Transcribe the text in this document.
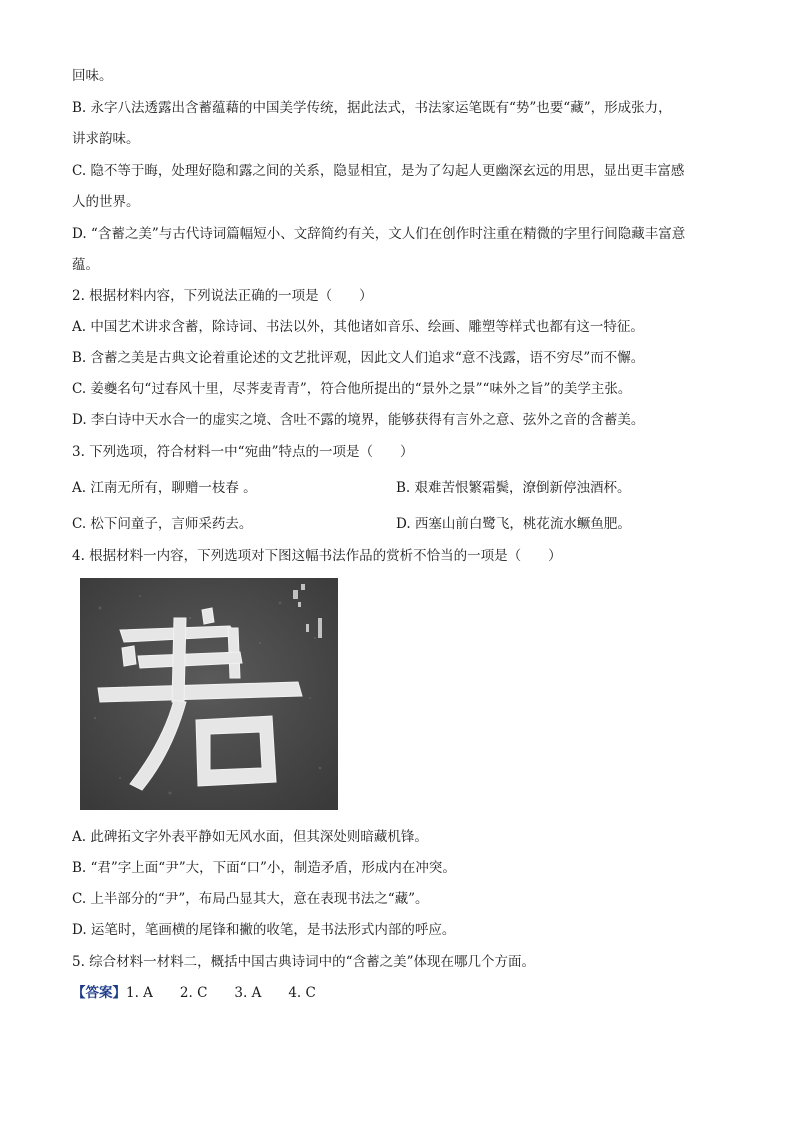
回味。
B. 永字八法透露出含蓄蕴藉的中国美学传统，据此法式，书法家运笔既有“势”也要“藏”，形成张力，
讲求韵味。
C. 隐不等于晦，处理好隐和露之间的关系，隐显相宜，是为了勾起人更幽深玄远的用思，显出更丰富感
人的世界。
D. “含蓄之美”与古代诗词篇幅短小、文辞简约有关，文人们在创作时注重在精微的字里行间隐藏丰富意
蕴。
2. 根据材料内容，下列说法正确的一项是（　　）
A. 中国艺术讲求含蓄，除诗词、书法以外，其他诸如音乐、绘画、雕塑等样式也都有这一特征。
B. 含蓄之美是古典文论着重论述的文艺批评观，因此文人们追求“意不浅露，语不穷尽”而不懈。
C. 姜夔名句“过春风十里，尽荠麦青青”，符合他所提出的“景外之景”“味外之旨”的美学主张。
D. 李白诗中天水合一的虚实之境、含吐不露的境界，能够获得有言外之意、弦外之音的含蓄美。
3. 下列选项，符合材料一中“宛曲”特点的一项是（　　）
A. 江南无所有，聊赠一枝春 。	B. 艰难苦恨繁霜鬓，潦倒新停浊酒杯。
C. 松下问童子，言师采药去。	D. 西塞山前白鹭飞，桃花流水鳜鱼肥。
4. 根据材料一内容，下列选项对下图这幅书法作品的赏析不恰当的一项是（　　）
A. 此碑拓文字外表平静如无风水面，但其深处则暗藏机锋。
B. “君”字上面“尹”大，下面“口”小，制造矛盾，形成内在冲突。
C. 上半部分的“尹”，布局凸显其大，意在表现书法之“藏”。
D. 运笔时，笔画横的尾锋和撇的收笔，是书法形式内部的呼应。
5. 综合材料一材料二，概括中国古典诗词中的“含蓄之美”体现在哪几个方面。
【答案】1. A　　2. C　　3. A　　4. C
